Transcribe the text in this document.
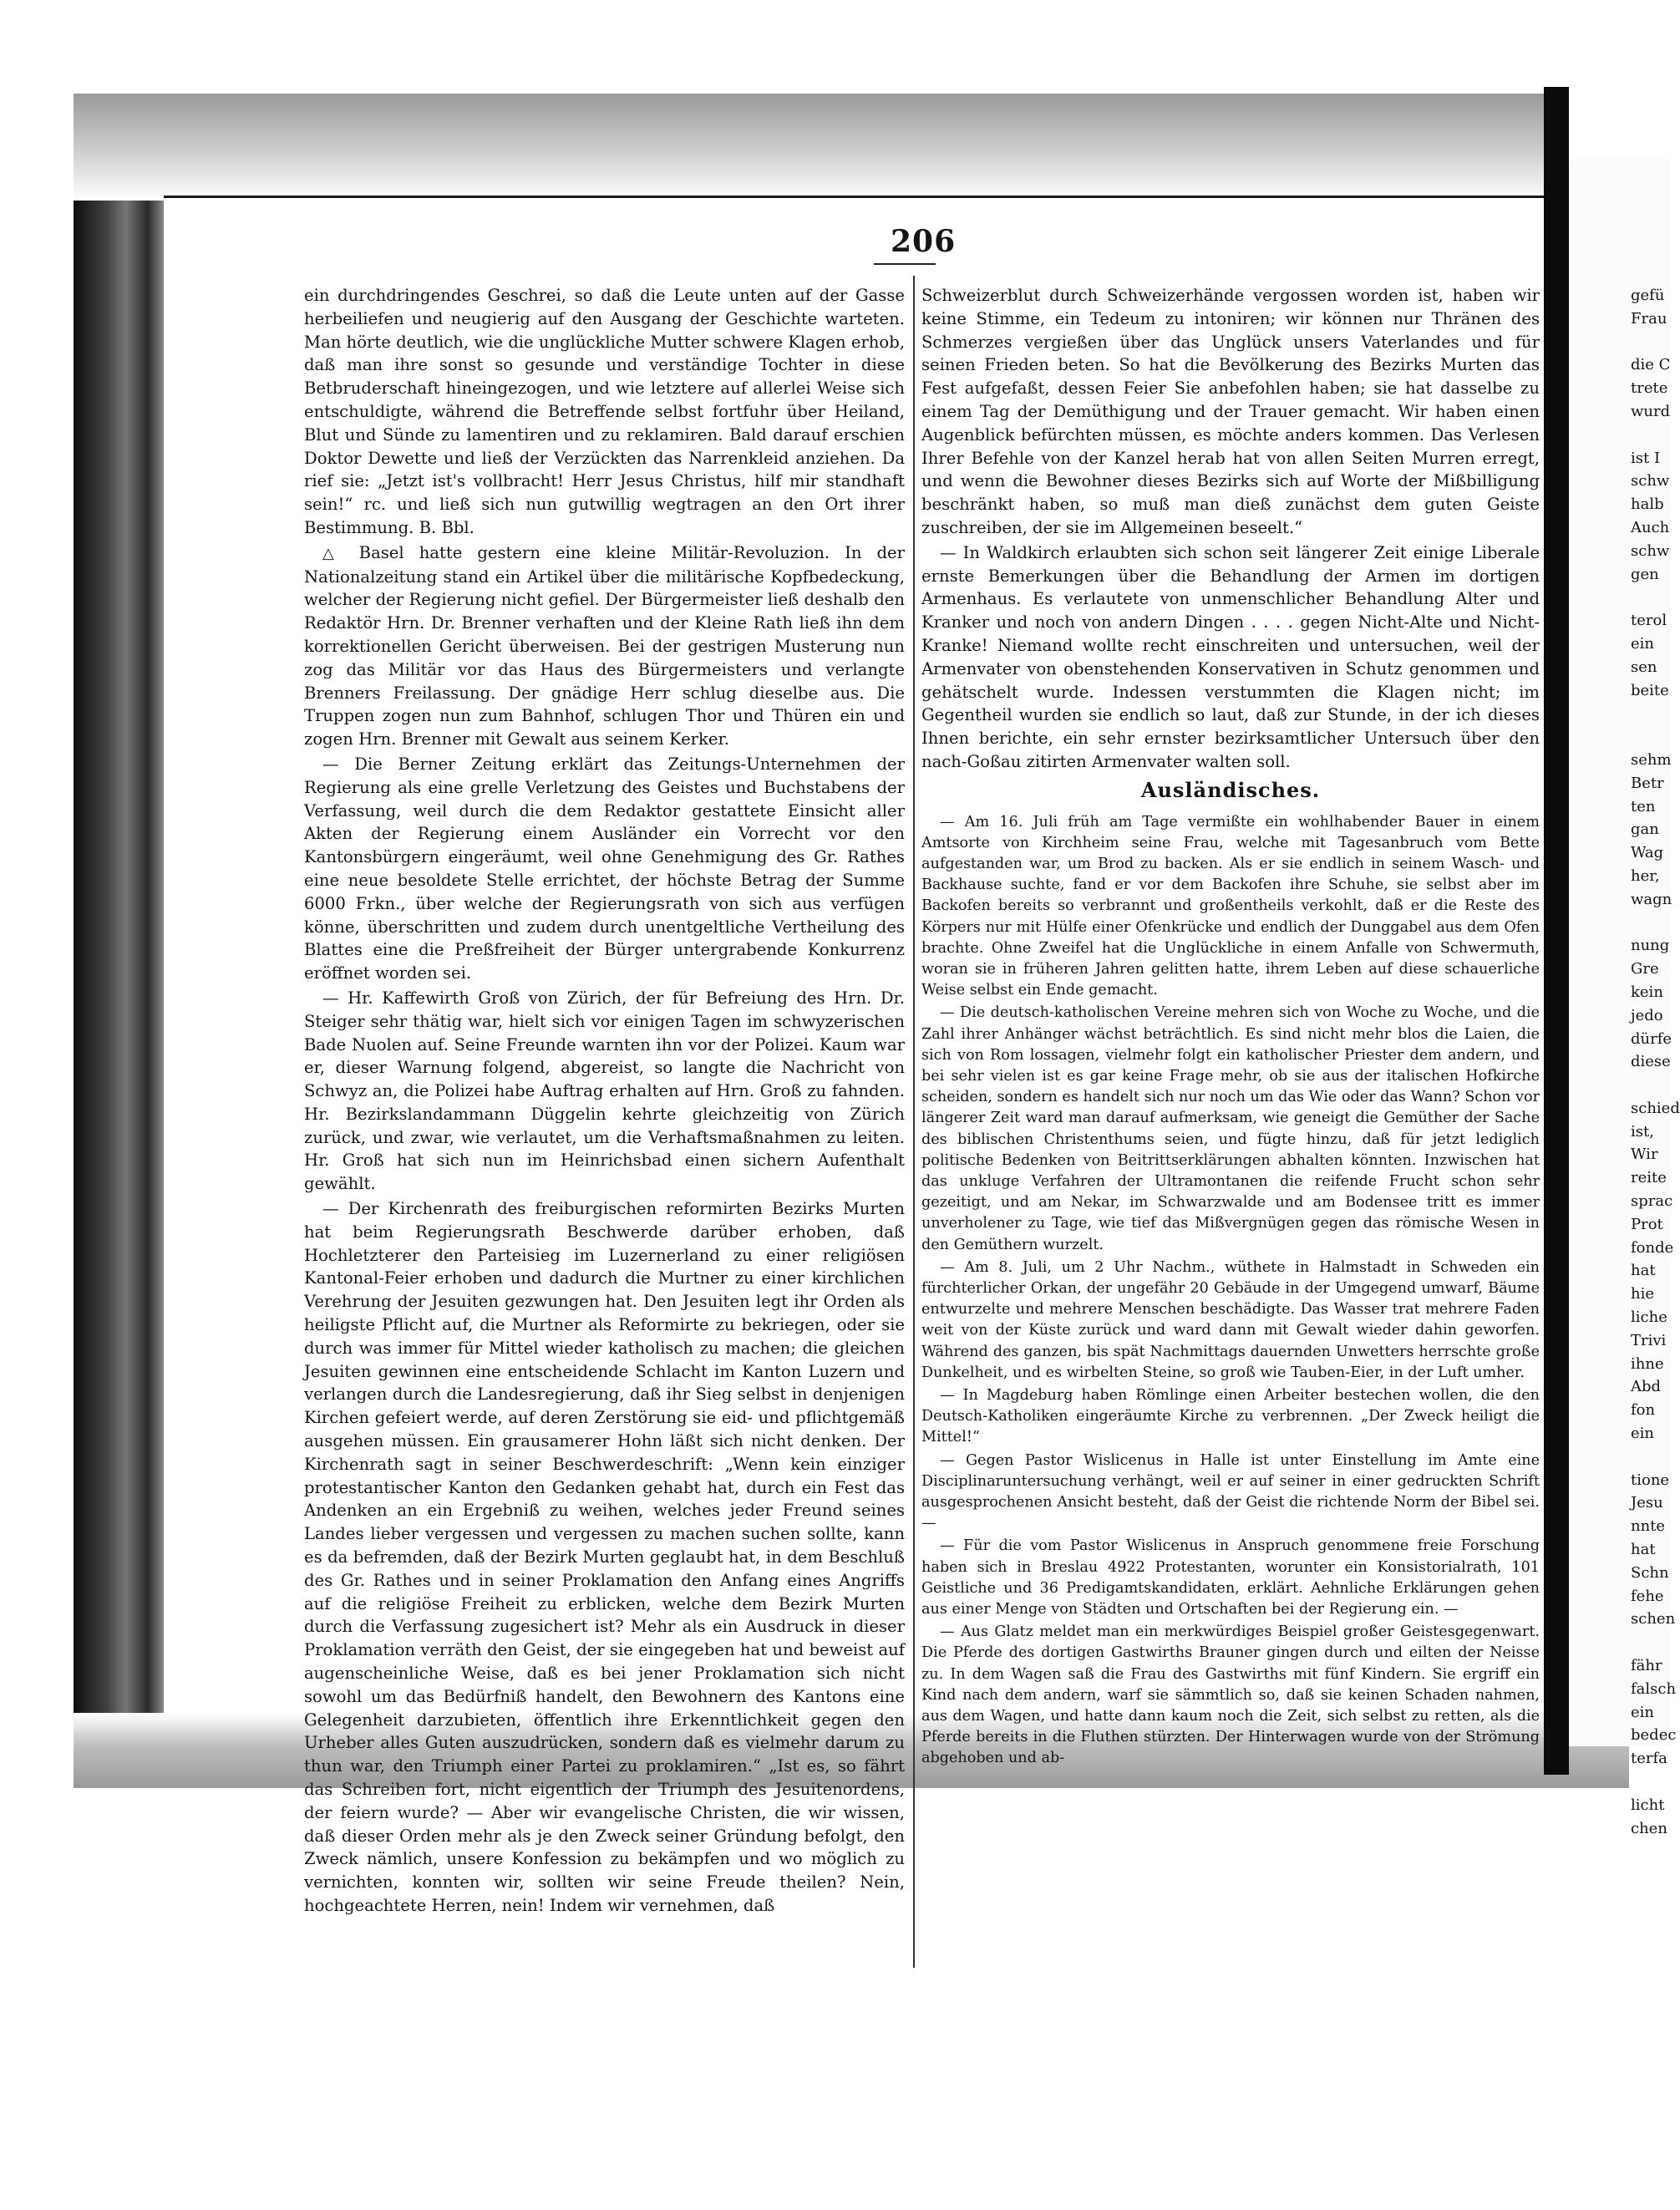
206

ein durchdringendes Geschrei, so daß die Leute unten auf der Gasse herbeiliefen und neugierig auf den Ausgang der Geschichte warteten. Man hörte deutlich, wie die unglückliche Mutter schwere Klagen erhob, daß man ihre sonst so gesunde und verständige Tochter in diese Betbruderschaft hineingezogen, und wie letztere auf allerlei Weise sich entschuldigte, während die Betreffende selbst fortfuhr über Heiland, Blut und Sünde zu lamentiren und zu reklamiren. Bald darauf erschien Doktor Dewette und ließ der Verzückten das Narrenkleid anziehen. Da rief sie: „Jetzt ist's vollbracht! Herr Jesus Christus, hilf mir standhaft sein!“ rc. und ließ sich nun gutwillig wegtragen an den Ort ihrer Bestimmung. B. Bbl.

△ Basel hatte gestern eine kleine Militär-Revoluzion. In der Nationalzeitung stand ein Artikel über die militärische Kopfbedeckung, welcher der Regierung nicht gefiel. Der Bürgermeister ließ deshalb den Redaktör Hrn. Dr. Brenner verhaften und der Kleine Rath ließ ihn dem korrektionellen Gericht überweisen. Bei der gestrigen Musterung nun zog das Militär vor das Haus des Bürgermeisters und verlangte Brenners Freilassung. Der gnädige Herr schlug dieselbe aus. Die Truppen zogen nun zum Bahnhof, schlugen Thor und Thüren ein und zogen Hrn. Brenner mit Gewalt aus seinem Kerker.

— Die Berner Zeitung erklärt das Zeitungs-Unternehmen der Regierung als eine grelle Verletzung des Geistes und Buchstabens der Verfassung, weil durch die dem Redaktor gestattete Einsicht aller Akten der Regierung einem Ausländer ein Vorrecht vor den Kantonsbürgern eingeräumt, weil ohne Genehmigung des Gr. Rathes eine neue besoldete Stelle errichtet, der höchste Betrag der Summe 6000 Frkn., über welche der Regierungsrath von sich aus verfügen könne, überschritten und zudem durch unentgeltliche Vertheilung des Blattes eine die Preßfreiheit der Bürger untergrabende Konkurrenz eröffnet worden sei.

— Hr. Kaffewirth Groß von Zürich, der für Befreiung des Hrn. Dr. Steiger sehr thätig war, hielt sich vor einigen Tagen im schwyzerischen Bade Nuolen auf. Seine Freunde warnten ihn vor der Polizei. Kaum war er, dieser Warnung folgend, abgereist, so langte die Nachricht von Schwyz an, die Polizei habe Auftrag erhalten auf Hrn. Groß zu fahnden. Hr. Bezirkslandammann Düggelin kehrte gleichzeitig von Zürich zurück, und zwar, wie verlautet, um die Verhaftsmaßnahmen zu leiten. Hr. Groß hat sich nun im Heinrichsbad einen sichern Aufenthalt gewählt.

— Der Kirchenrath des freiburgischen reformirten Bezirks Murten hat beim Regierungsrath Beschwerde darüber erhoben, daß Hochletzterer den Parteisieg im Luzernerland zu einer religiösen Kantonal-Feier erhoben und dadurch die Murtner zu einer kirchlichen Verehrung der Jesuiten gezwungen hat. Den Jesuiten legt ihr Orden als heiligste Pflicht auf, die Murtner als Reformirte zu bekriegen, oder sie durch was immer für Mittel wieder katholisch zu machen; die gleichen Jesuiten gewinnen eine entscheidende Schlacht im Kanton Luzern und verlangen durch die Landesregierung, daß ihr Sieg selbst in denjenigen Kirchen gefeiert werde, auf deren Zerstörung sie eid- und pflichtgemäß ausgehen müssen. Ein grausamerer Hohn läßt sich nicht denken. Der Kirchenrath sagt in seiner Beschwerdeschrift: „Wenn kein einziger protestantischer Kanton den Gedanken gehabt hat, durch ein Fest das Andenken an ein Ergebniß zu weihen, welches jeder Freund seines Landes lieber vergessen und vergessen zu machen suchen sollte, kann es da befremden, daß der Bezirk Murten geglaubt hat, in dem Beschluß des Gr. Rathes und in seiner Proklamation den Anfang eines Angriffs auf die religiöse Freiheit zu erblicken, welche dem Bezirk Murten durch die Verfassung zugesichert ist? Mehr als ein Ausdruck in dieser Proklamation verräth den Geist, der sie eingegeben hat und beweist auf augenscheinliche Weise, daß es bei jener Proklamation sich nicht sowohl um das Bedürfniß handelt, den Bewohnern des Kantons eine Gelegenheit darzubieten, öffentlich ihre Erkenntlichkeit gegen den Urheber alles Guten auszudrücken, sondern daß es vielmehr darum zu thun war, den Triumph einer Partei zu proklamiren.“ „Ist es, so fährt das Schreiben fort, nicht eigentlich der Triumph des Jesuitenordens, der feiern wurde? — Aber wir evangelische Christen, die wir wissen, daß dieser Orden mehr als je den Zweck seiner Gründung befolgt, den Zweck nämlich, unsere Konfession zu bekämpfen und wo möglich zu vernichten, konnten wir, sollten wir seine Freude theilen? Nein, hochgeachtete Herren, nein! Indem wir vernehmen, daß

Schweizerblut durch Schweizerhände vergossen worden ist, haben wir keine Stimme, ein Tedeum zu intoniren; wir können nur Thränen des Schmerzes vergießen über das Unglück unsers Vaterlandes und für seinen Frieden beten. So hat die Bevölkerung des Bezirks Murten das Fest aufgefaßt, dessen Feier Sie anbefohlen haben; sie hat dasselbe zu einem Tag der Demüthigung und der Trauer gemacht. Wir haben einen Augenblick befürchten müssen, es möchte anders kommen. Das Verlesen Ihrer Befehle von der Kanzel herab hat von allen Seiten Murren erregt, und wenn die Bewohner dieses Bezirks sich auf Worte der Mißbilligung beschränkt haben, so muß man dieß zunächst dem guten Geiste zuschreiben, der sie im Allgemeinen beseelt.“

— In Waldkirch erlaubten sich schon seit längerer Zeit einige Liberale ernste Bemerkungen über die Behandlung der Armen im dortigen Armenhaus. Es verlautete von unmenschlicher Behandlung Alter und Kranker und noch von andern Dingen . . . . gegen Nicht-Alte und Nicht-Kranke! Niemand wollte recht einschreiten und untersuchen, weil der Armenvater von obenstehenden Konservativen in Schutz genommen und gehätschelt wurde. Indessen verstummten die Klagen nicht; im Gegentheil wurden sie endlich so laut, daß zur Stunde, in der ich dieses Ihnen berichte, ein sehr ernster bezirksamtlicher Untersuch über den nach-Goßau zitirten Armenvater walten soll.

Ausländisches.

— Am 16. Juli früh am Tage vermißte ein wohlhabender Bauer in einem Amtsorte von Kirchheim seine Frau, welche mit Tagesanbruch vom Bette aufgestanden war, um Brod zu backen. Als er sie endlich in seinem Wasch- und Backhause suchte, fand er vor dem Backofen ihre Schuhe, sie selbst aber im Backofen bereits so verbrannt und großentheils verkohlt, daß er die Reste des Körpers nur mit Hülfe einer Ofenkrücke und endlich der Dunggabel aus dem Ofen brachte. Ohne Zweifel hat die Unglückliche in einem Anfalle von Schwermuth, woran sie in früheren Jahren gelitten hatte, ihrem Leben auf diese schauerliche Weise selbst ein Ende gemacht.

— Die deutsch-katholischen Vereine mehren sich von Woche zu Woche, und die Zahl ihrer Anhänger wächst beträchtlich. Es sind nicht mehr blos die Laien, die sich von Rom lossagen, vielmehr folgt ein katholischer Priester dem andern, und bei sehr vielen ist es gar keine Frage mehr, ob sie aus der italischen Hofkirche scheiden, sondern es handelt sich nur noch um das Wie oder das Wann? Schon vor längerer Zeit ward man darauf aufmerksam, wie geneigt die Gemüther der Sache des biblischen Christenthums seien, und fügte hinzu, daß für jetzt lediglich politische Bedenken von Beitrittserklärungen abhalten könnten. Inzwischen hat das unkluge Verfahren der Ultramontanen die reifende Frucht schon sehr gezeitigt, und am Nekar, im Schwarzwalde und am Bodensee tritt es immer unverholener zu Tage, wie tief das Mißvergnügen gegen das römische Wesen in den Gemüthern wurzelt.

— Am 8. Juli, um 2 Uhr Nachm., wüthete in Halmstadt in Schweden ein fürchterlicher Orkan, der ungefähr 20 Gebäude in der Umgegend umwarf, Bäume entwurzelte und mehrere Menschen beschädigte. Das Wasser trat mehrere Faden weit von der Küste zurück und ward dann mit Gewalt wieder dahin geworfen. Während des ganzen, bis spät Nachmittags dauernden Unwetters herrschte große Dunkelheit, und es wirbelten Steine, so groß wie Tauben-Eier, in der Luft umher.

— In Magdeburg haben Römlinge einen Arbeiter bestechen wollen, die den Deutsch-Katholiken eingeräumte Kirche zu verbrennen. „Der Zweck heiligt die Mittel!“

— Gegen Pastor Wislicenus in Halle ist unter Einstellung im Amte eine Disciplinaruntersuchung verhängt, weil er auf seiner in einer gedruckten Schrift ausgesprochenen Ansicht besteht, daß der Geist die richtende Norm der Bibel sei. —

— Für die vom Pastor Wislicenus in Anspruch genommene freie Forschung haben sich in Breslau 4922 Protestanten, worunter ein Konsistorialrath, 101 Geistliche und 36 Predigamtskandidaten, erklärt. Aehnliche Erklärungen gehen aus einer Menge von Städten und Ortschaften bei der Regierung ein. —

— Aus Glatz meldet man ein merkwürdiges Beispiel großer Geistesgegenwart. Die Pferde des dortigen Gastwirths Brauner gingen durch und eilten der Neisse zu. In dem Wagen saß die Frau des Gastwirths mit fünf Kindern. Sie ergriff ein Kind nach dem andern, warf sie sämmtlich so, daß sie keinen Schaden nahmen, aus dem Wagen, und hatte dann kaum noch die Zeit, sich selbst zu retten, als die Pferde bereits in die Fluthen stürzten. Der Hinterwagen wurde von der Strömung abgehoben und ab-

gefü
Frau
die C
trete
wurd
ist I
schw
halb
Auch
schw
gen
terol
ein
sen
beite
sehm
Betr
ten
gan
Wag
her,
wagn
nung
Gre
kein
jedo
dürfe
diese
schied
ist,
Wir
reite
sprac
Prot
fonde
hat
hie
liche
Trivi
ihne
Abd
fon
ein
tione
Jesu
nnte
hat
Schn
fehe
schen
fähr
falsch
ein
bedec
terfa
licht
chen
